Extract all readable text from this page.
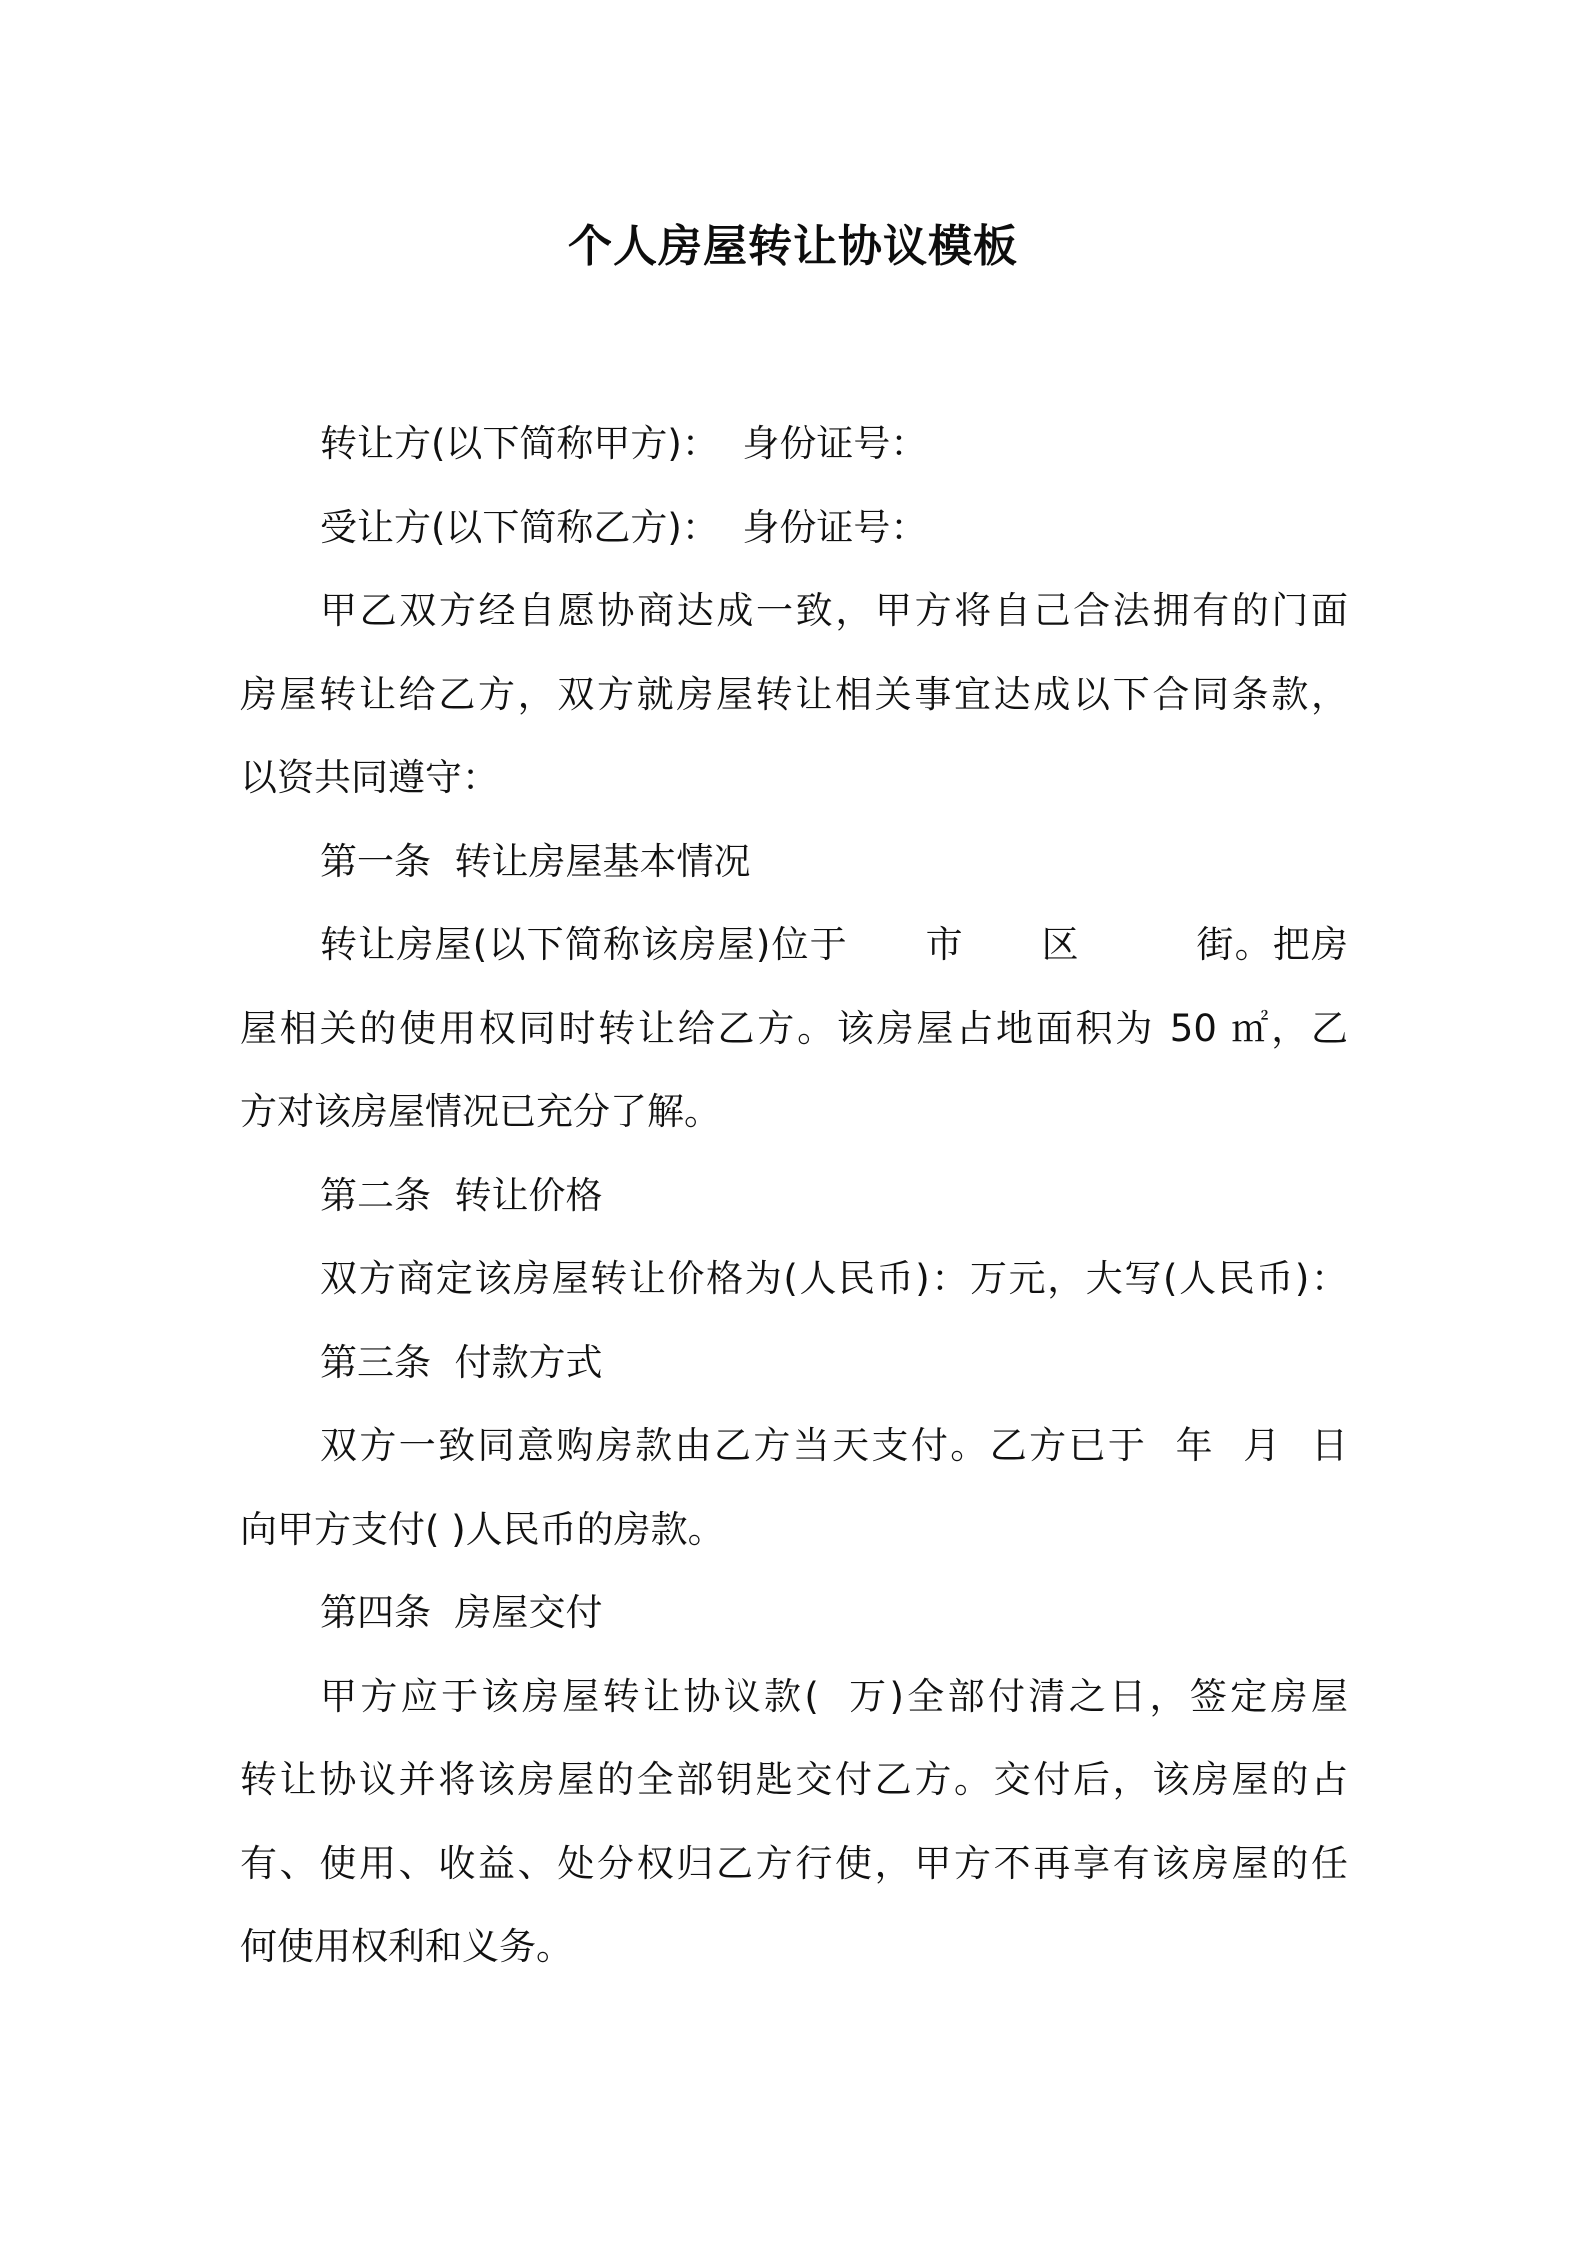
个人房屋转让协议模板
转让方(以下简称甲方)：  身份证号：
受让方(以下简称乙方)：  身份证号：
甲乙双方经自愿协商达成一致，甲方将自己合法拥有的门面
房屋转让给乙方，双方就房屋转让相关事宜达成以下合同条款，
以资共同遵守：
第一条  转让房屋基本情况
转让房屋(以下简称该房屋)位于      市      区         街。把房
屋相关的使用权同时转让给乙方。该房屋占地面积为 50 ㎡，乙
方对该房屋情况已充分了解。
第二条  转让价格
双方商定该房屋转让价格为(人民币)：万元，大写(人民币)：
第三条  付款方式
双方一致同意购房款由乙方当天支付。乙方已于  年  月  日
向甲方支付( )人民币的房款。
第四条  房屋交付
甲方应于该房屋转让协议款(  万)全部付清之日，签定房屋
转让协议并将该房屋的全部钥匙交付乙方。交付后，该房屋的占
有、使用、收益、处分权归乙方行使，甲方不再享有该房屋的任
何使用权利和义务。
